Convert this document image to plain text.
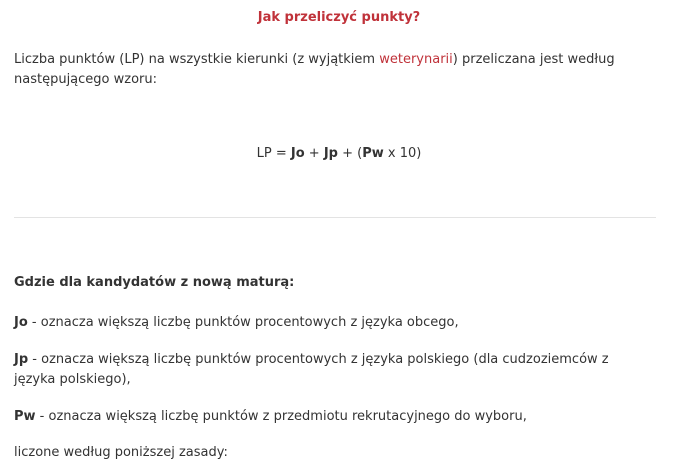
Jak przeliczyć punkty?
Liczba punktów (LP) na wszystkie kierunki (z wyjątkiem weterynarii) przeliczana jest według następującego wzoru:
LP = Jo + Jp + (Pw x 10)
Gdzie dla kandydatów z nową maturą:
Jo - oznacza większą liczbę punktów procentowych z języka obcego,
Jp - oznacza większą liczbę punktów procentowych z języka polskiego (dla cudzoziemców z języka polskiego),
Pw - oznacza większą liczbę punktów z przedmiotu rekrutacyjnego do wyboru,
liczone według poniższej zasady:
